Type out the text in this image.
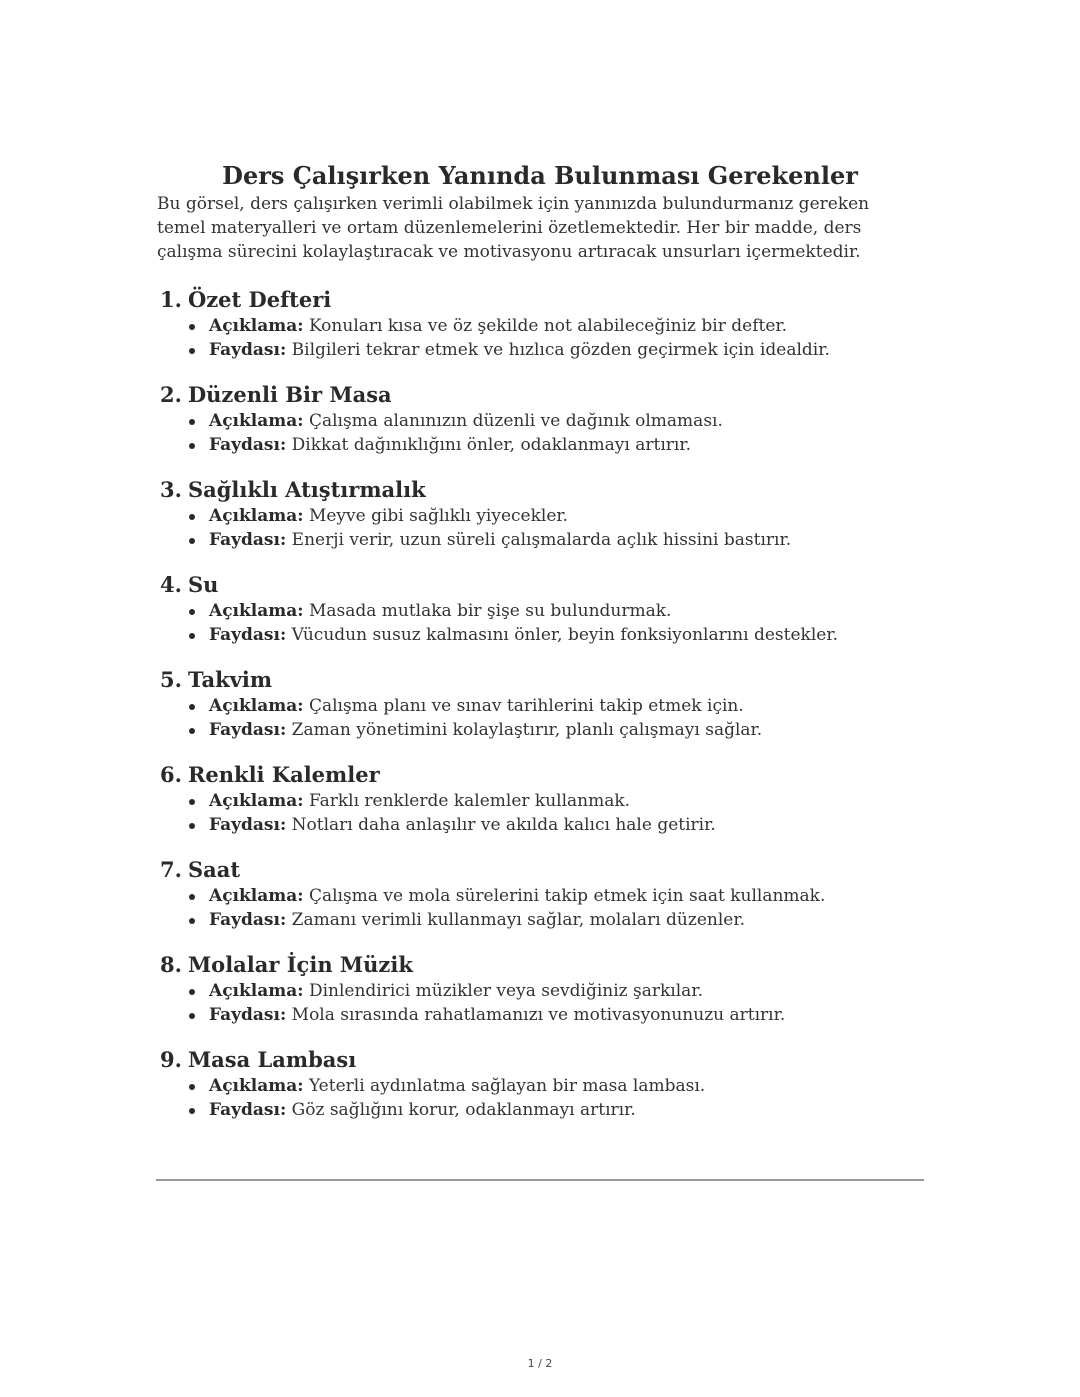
Ders Çalışırken Yanında Bulunması Gerekenler

Bu görsel, ders çalışırken verimli olabilmek için yanınızda bulundurmanız gereken temel materyalleri ve ortam düzenlemelerini özetlemektedir. Her bir madde, ders çalışma sürecini kolaylaştıracak ve motivasyonu artıracak unsurları içermektedir.

1. Özet Defteri
Açıklama: Konuları kısa ve öz şekilde not alabileceğiniz bir defter.
Faydası: Bilgileri tekrar etmek ve hızlıca gözden geçirmek için idealdir.
2. Düzenli Bir Masa
Açıklama: Çalışma alanınızın düzenli ve dağınık olmaması.
Faydası: Dikkat dağınıklığını önler, odaklanmayı artırır.
3. Sağlıklı Atıştırmalık
Açıklama: Meyve gibi sağlıklı yiyecekler.
Faydası: Enerji verir, uzun süreli çalışmalarda açlık hissini bastırır.
4. Su
Açıklama: Masada mutlaka bir şişe su bulundurmak.
Faydası: Vücudun susuz kalmasını önler, beyin fonksiyonlarını destekler.
5. Takvim
Açıklama: Çalışma planı ve sınav tarihlerini takip etmek için.
Faydası: Zaman yönetimini kolaylaştırır, planlı çalışmayı sağlar.
6. Renkli Kalemler
Açıklama: Farklı renklerde kalemler kullanmak.
Faydası: Notları daha anlaşılır ve akılda kalıcı hale getirir.
7. Saat
Açıklama: Çalışma ve mola sürelerini takip etmek için saat kullanmak.
Faydası: Zamanı verimli kullanmayı sağlar, molaları düzenler.
8. Molalar İçin Müzik
Açıklama: Dinlendirici müzikler veya sevdiğiniz şarkılar.
Faydası: Mola sırasında rahatlamanızı ve motivasyonunuzu artırır.
9. Masa Lambası
Açıklama: Yeterli aydınlatma sağlayan bir masa lambası.
Faydası: Göz sağlığını korur, odaklanmayı artırır.
1 / 2
